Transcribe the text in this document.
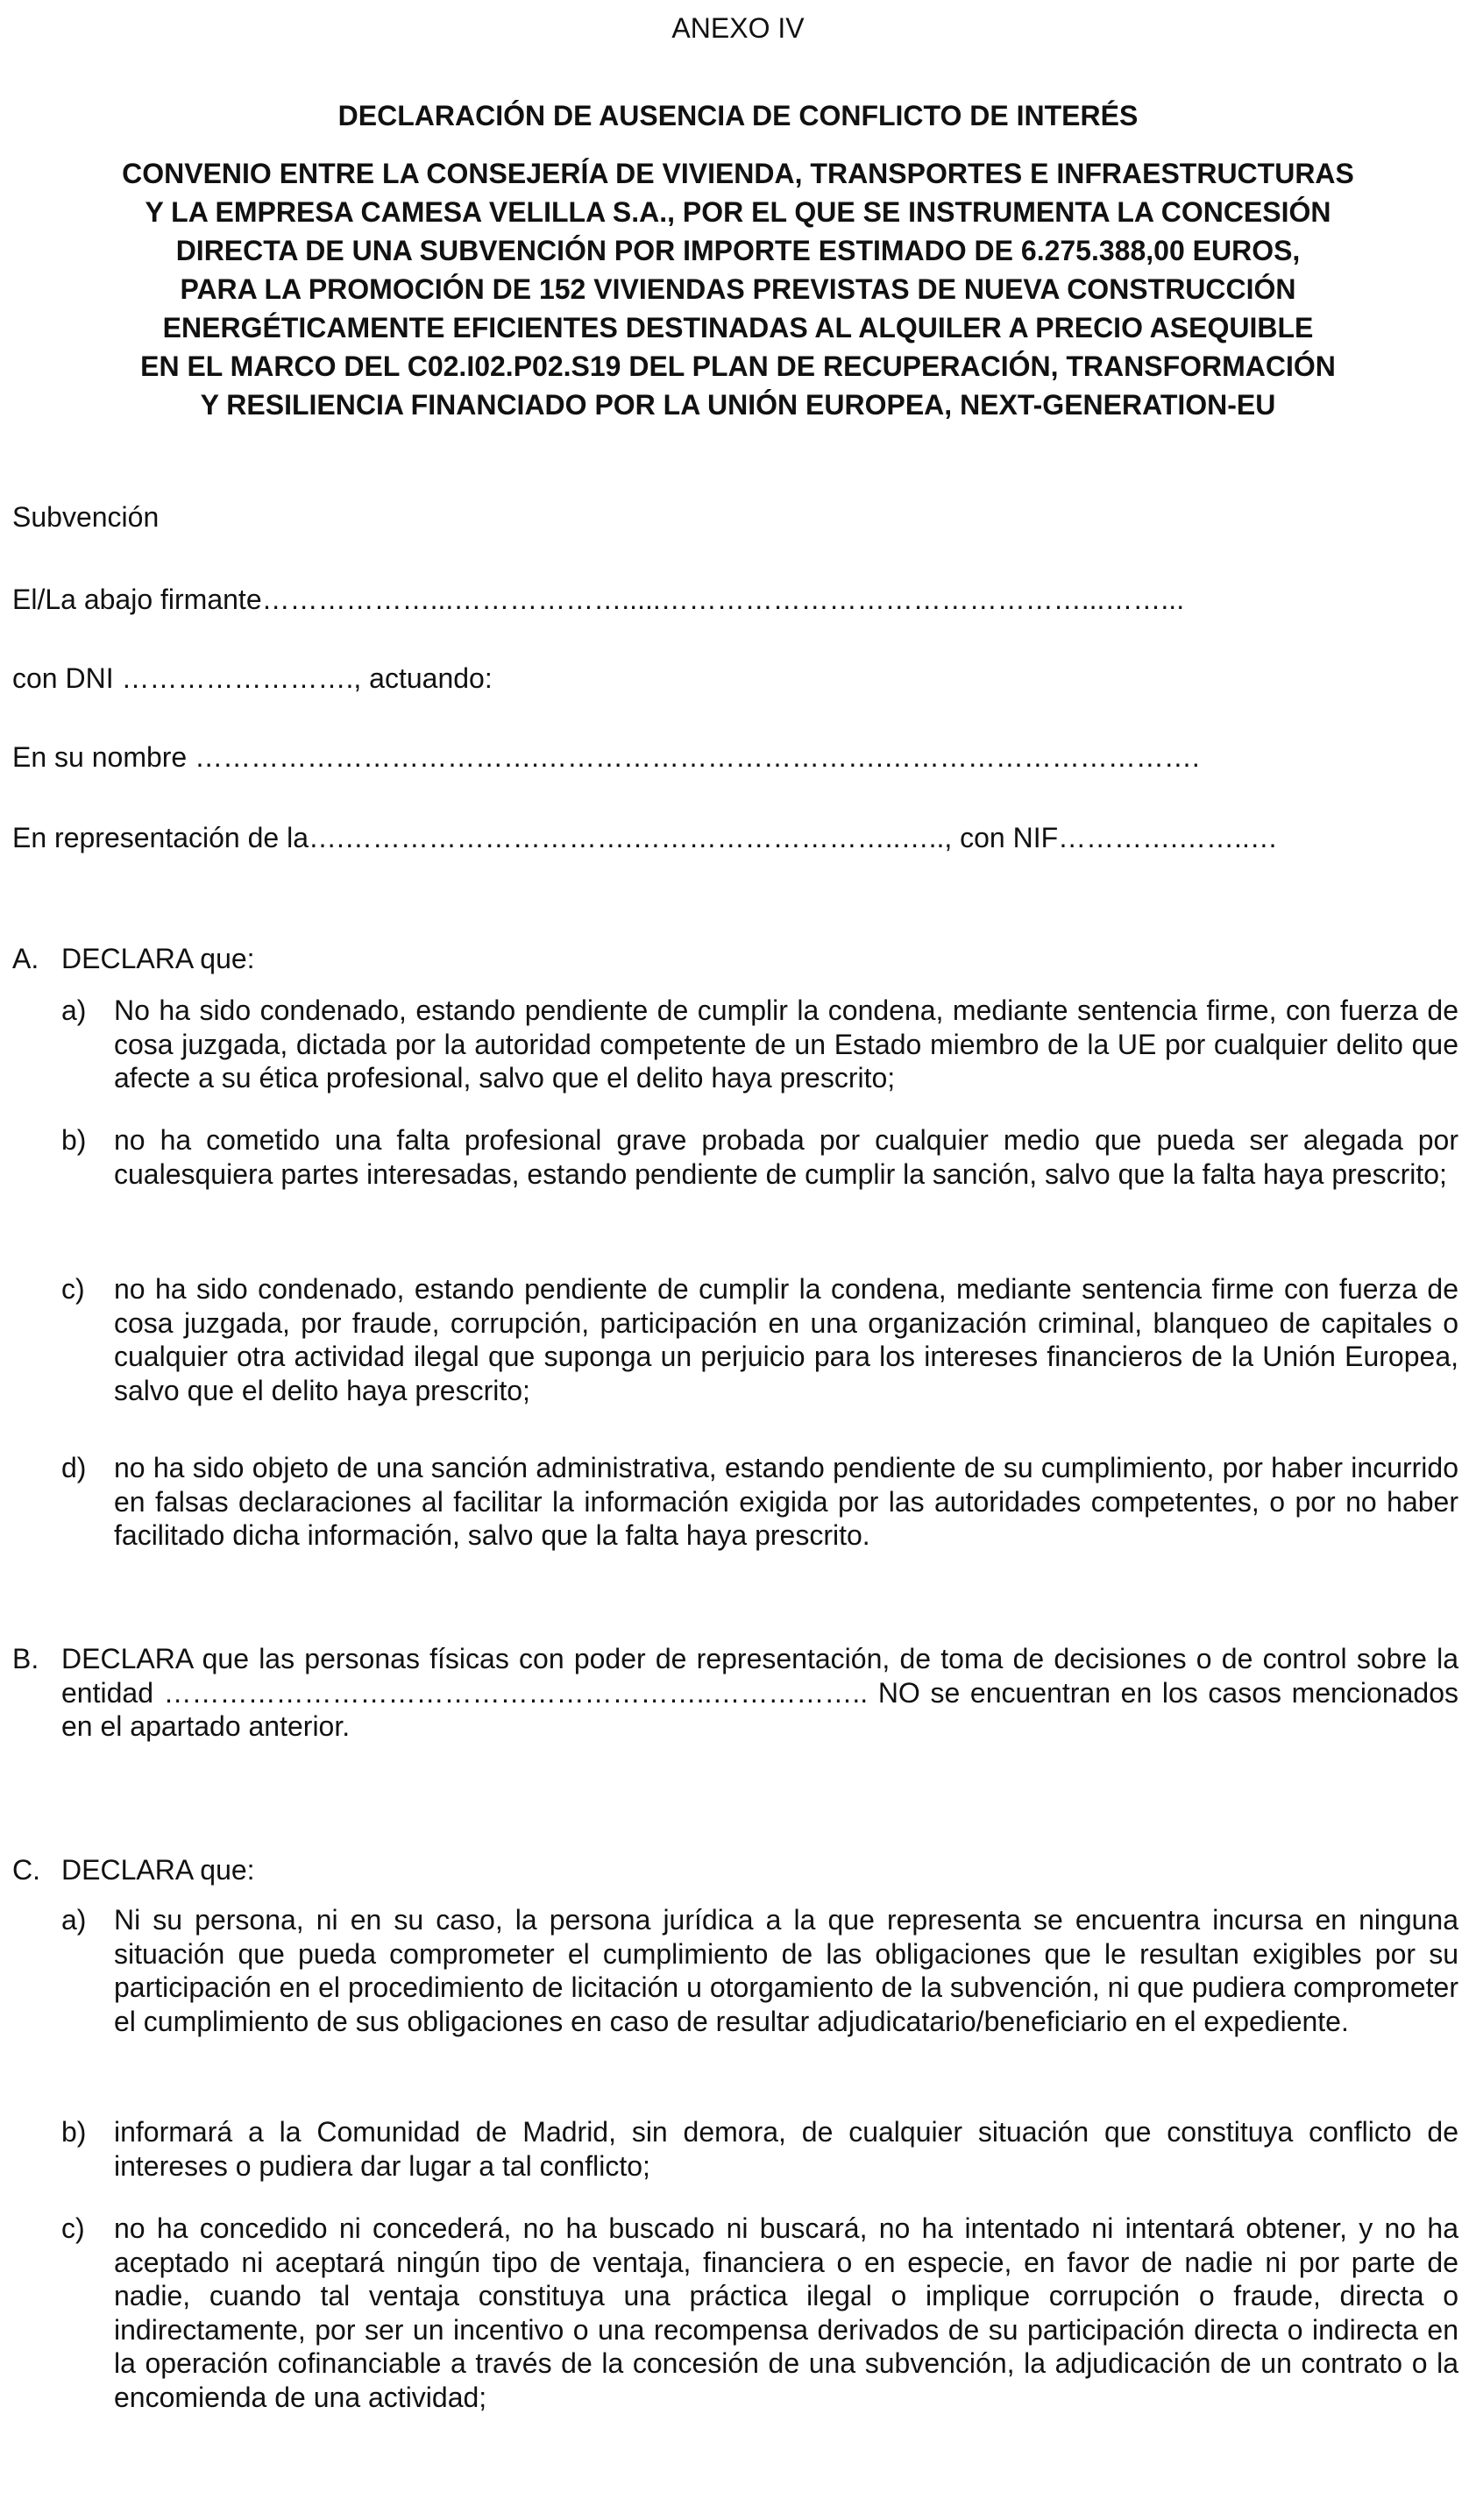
ANEXO IV
DECLARACIÓN DE AUSENCIA DE CONFLICTO DE INTERÉS
CONVENIO ENTRE LA CONSEJERÍA DE VIVIENDA, TRANSPORTES E INFRAESTRUCTURAS
Y LA EMPRESA CAMESA VELILLA S.A., POR EL QUE SE INSTRUMENTA LA CONCESIÓN
DIRECTA DE UNA SUBVENCIÓN POR IMPORTE ESTIMADO DE 6.275.388,00 EUROS,
PARA LA PROMOCIÓN DE 152 VIVIENDAS PREVISTAS DE NUEVA CONSTRUCCIÓN
ENERGÉTICAMENTE EFICIENTES DESTINADAS AL ALQUILER A PRECIO ASEQUIBLE
EN EL MARCO DEL C02.I02.P02.S19 DEL PLAN DE RECUPERACIÓN, TRANSFORMACIÓN
Y RESILIENCIA FINANCIADO POR LA UNIÓN EUROPEA, NEXT-GENERATION-EU
Subvención
El/La abajo firmante………………...……………….....………………………………………...……...
con DNI ……………………., actuando:
En su nombre ……………………………….……………………………….…………………………….
En representación de la….………………………….………………………..….., con NIF………….……..…
A. DECLARA que:
a) No ha sido condenado, estando pendiente de cumplir la condena, mediante sentencia firme, con fuerza de cosa juzgada, dictada por la autoridad competente de un Estado miembro de la UE por cualquier delito que afecte a su ética profesional, salvo que el delito haya prescrito;
b) no ha cometido una falta profesional grave probada por cualquier medio que pueda ser alegada por cualesquiera partes interesadas, estando pendiente de cumplir la sanción, salvo que la falta haya prescrito;
c)	no ha sido condenado, estando pendiente de cumplir la condena, mediante sentencia firme con fuerza de cosa juzgada, por fraude, corrupción, participación en una organización criminal, blanqueo de capitales o cualquier otra actividad ilegal que suponga un perjuicio para los intereses financieros de la Unión Europea, salvo que el delito haya prescrito;
d) no ha sido objeto de una sanción administrativa, estando pendiente de su cumplimiento, por haber incurrido en falsas declaraciones al facilitar la información exigida por las autoridades competentes, o por no haber facilitado dicha información, salvo que la falta haya prescrito.
B. DECLARA que las personas físicas con poder de representación, de toma de decisiones o de control sobre la entidad …………………………………………………..…………….. NO se encuentran en los casos mencionados en el apartado anterior.
C. DECLARA que:
a) Ni su persona, ni en su caso, la persona jurídica a la que representa se encuentra incursa en ninguna situación que pueda comprometer el cumplimiento de las obligaciones que le resultan exigibles por su participación en el procedimiento de licitación u otorgamiento de la subvención, ni que pudiera comprometer el cumplimiento de sus obligaciones en caso de resultar adjudicatario/beneficiario en el expediente.
b) informará a la Comunidad de Madrid, sin demora, de cualquier situación que constituya conflicto de intereses o pudiera dar lugar a tal conflicto;
c)	no ha concedido ni concederá, no ha buscado ni buscará, no ha intentado ni intentará obtener, y no ha aceptado ni aceptará ningún tipo de ventaja, financiera o en especie, en favor de nadie ni por parte de nadie, cuando tal ventaja constituya una práctica ilegal o implique corrupción o fraude, directa o indirectamente, por ser un incentivo o una recompensa derivados de su participación directa o indirecta en la operación cofinanciable a través de la concesión de una subvención, la adjudicación de un contrato o la encomienda de una actividad;
